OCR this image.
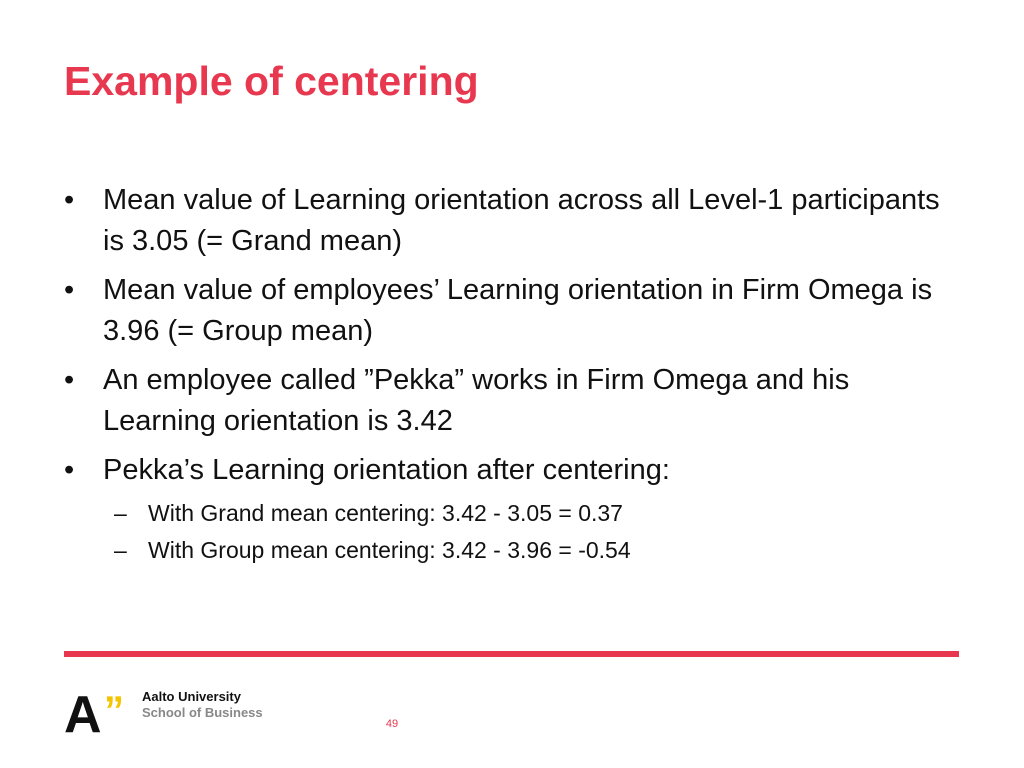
Example of centering
• Mean value of Learning orientation across all Level-1 participants is 3.05 (= Grand mean)
• Mean value of employees’ Learning orientation in Firm Omega is 3.96 (= Group mean)
• An employee called ”Pekka” works in Firm Omega and his Learning orientation is 3.42
• Pekka’s Learning orientation after centering:
– With Grand mean centering: 3.42 - 3.05 = 0.37
– With Group mean centering: 3.42 - 3.96 = -0.54
A ” Aalto University
School of Business
49
